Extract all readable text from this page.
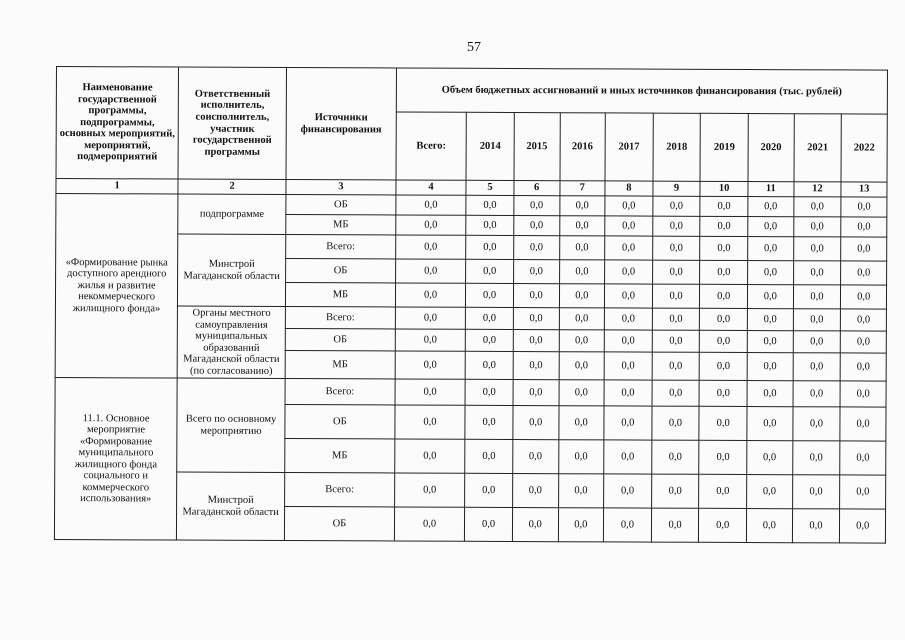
57
Наименование государственной программы, подпрограммы, основных мероприятий, мероприятий, подмероприятий	Ответственный исполнитель, соисполнитель, участник государственной программы	Источники финансирования	Объем бюджетных ассигнований и иных источников финансирования (тыс. рублей)									
			Всего:	2014	2015	2016	2017	2018	2019	2020	2021	2022
1	2	3	4	5	6	7	8	9	10	11	12	13
«Формирование рынка доступного арендного жилья и развитие некоммерческого жилищного фонда»	подпрограмме	ОБ	0,0	0,0	0,0	0,0	0,0	0,0	0,0	0,0	0,0	0,0
		МБ	0,0	0,0	0,0	0,0	0,0	0,0	0,0	0,0	0,0	0,0
	Минстрой Магаданской области	Всего:	0,0	0,0	0,0	0,0	0,0	0,0	0,0	0,0	0,0	0,0
		ОБ	0,0	0,0	0,0	0,0	0,0	0,0	0,0	0,0	0,0	0,0
		МБ	0,0	0,0	0,0	0,0	0,0	0,0	0,0	0,0	0,0	0,0
	Органы местного самоуправления муниципальных образований Магаданской области (по согласованию)	Всего:	0,0	0,0	0,0	0,0	0,0	0,0	0,0	0,0	0,0	0,0
		ОБ	0,0	0,0	0,0	0,0	0,0	0,0	0,0	0,0	0,0	0,0
		МБ	0,0	0,0	0,0	0,0	0,0	0,0	0,0	0,0	0,0	0,0
11.1. Основное мероприятие «Формирование муниципального жилищного фонда социального и коммерческого использования»	Всего по основному мероприятию	Всего:	0,0	0,0	0,0	0,0	0,0	0,0	0,0	0,0	0,0	0,0
		ОБ	0,0	0,0	0,0	0,0	0,0	0,0	0,0	0,0	0,0	0,0
		МБ	0,0	0,0	0,0	0,0	0,0	0,0	0,0	0,0	0,0	0,0
	Минстрой Магаданской области	Всего:	0,0	0,0	0,0	0,0	0,0	0,0	0,0	0,0	0,0	0,0
		ОБ	0,0	0,0	0,0	0,0	0,0	0,0	0,0	0,0	0,0	0,0
